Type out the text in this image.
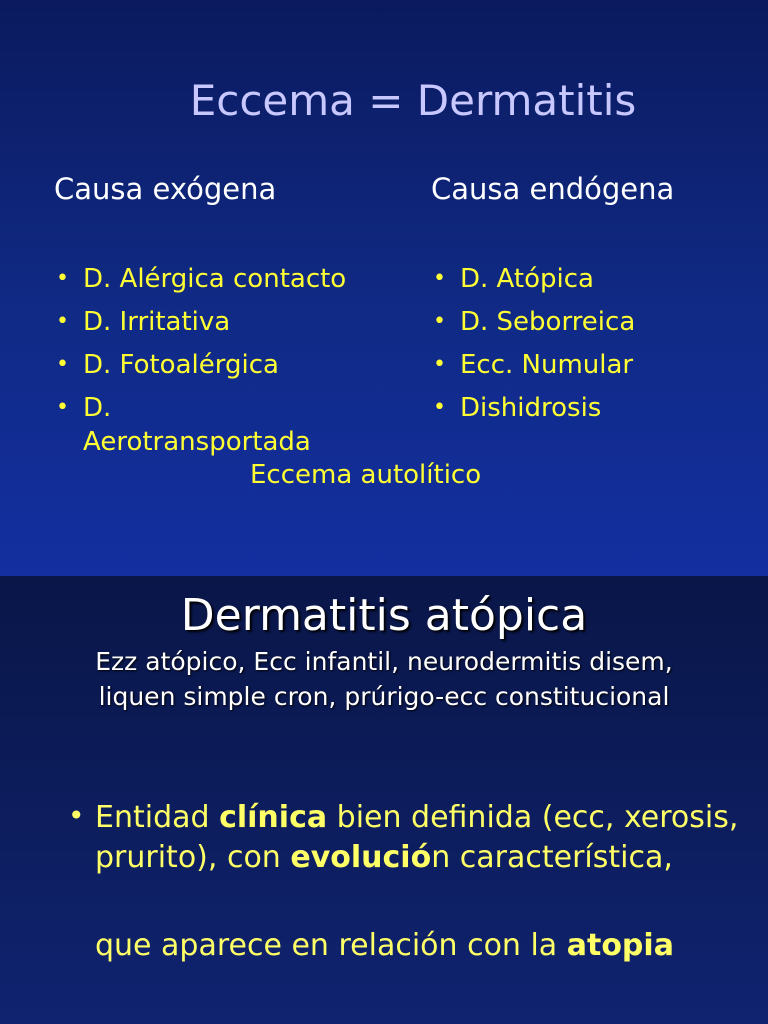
Eccema = Dermatitis
Causa exógena	Causa endógena
• D. Alérgica contacto
• D. Irritativa
• D. Fotoalérgica
• D. Aerotransportada
• D. Atópica
• D. Seborreica
• Ecc. Numular
• Dishidrosis
Eccema autolítico
Dermatitis atópica
Ezz atópico, Ecc infantil, neurodermitis disem, liquen simple cron, prúrigo-ecc constitucional
• Entidad clínica bien definida (ecc, xerosis, prurito), con evolución característica,
que aparece en relación con la atopia
